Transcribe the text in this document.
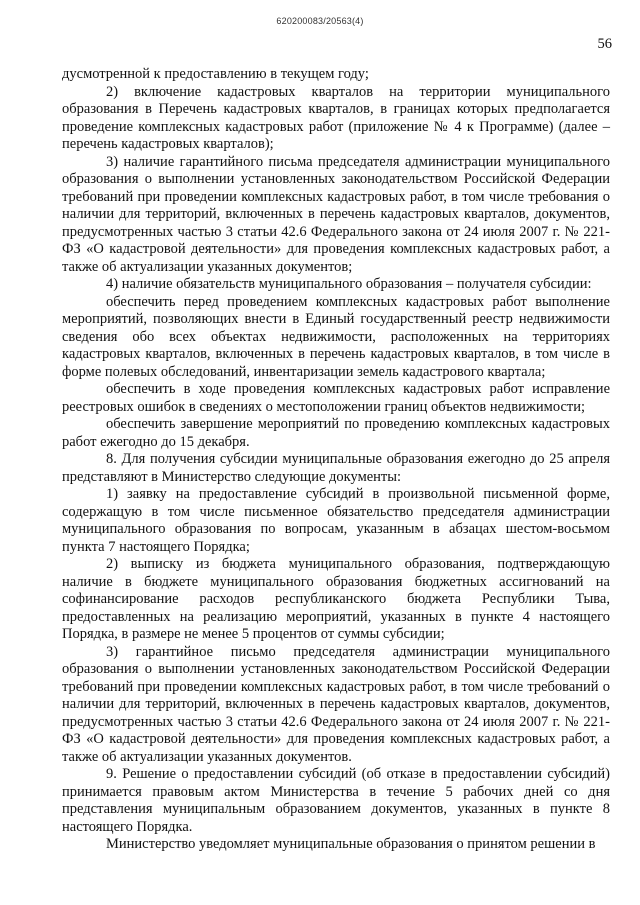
620200083/20563(4)
56

дусмотренной к предоставлению в текущем году;

2) включение кадастровых кварталов на территории муниципального образования в Перечень кадастровых кварталов, в границах которых предполагается проведение комплексных кадастровых работ (приложение № 4 к Программе) (далее – перечень кадастровых кварталов);

3) наличие гарантийного письма председателя администрации муниципального образования о выполнении установленных законодательством Российской Федерации требований при проведении комплексных кадастровых работ, в том числе требования о наличии для территорий, включенных в перечень кадастровых кварталов, документов, предусмотренных частью 3 статьи 42.6 Федерального закона от 24 июля 2007 г. № 221-ФЗ «О кадастровой деятельности» для проведения комплексных кадастровых работ, а также об актуализации указанных документов;

4) наличие обязательств муниципального образования – получателя субсидии:

обеспечить перед проведением комплексных кадастровых работ выполнение мероприятий, позволяющих внести в Единый государственный реестр недвижимости сведения обо всех объектах недвижимости, расположенных на территориях кадастровых кварталов, включенных в перечень кадастровых кварталов, в том числе в форме полевых обследований, инвентаризации земель кадастрового квартала;

обеспечить в ходе проведения комплексных кадастровых работ исправление реестровых ошибок в сведениях о местоположении границ объектов недвижимости;

обеспечить завершение мероприятий по проведению комплексных кадастровых работ ежегодно до 15 декабря.

8. Для получения субсидии муниципальные образования ежегодно до 25 апреля представляют в Министерство следующие документы:

1) заявку на предоставление субсидий в произвольной письменной форме, содержащую в том числе письменное обязательство председателя администрации муниципального образования по вопросам, указанным в абзацах шестом-восьмом пункта 7 настоящего Порядка;

2) выписку из бюджета муниципального образования, подтверждающую наличие в бюджете муниципального образования бюджетных ассигнований на софинансирование расходов республиканского бюджета Республики Тыва, предоставленных на реализацию мероприятий, указанных в пункте 4 настоящего Порядка, в размере не менее 5 процентов от суммы субсидии;

3) гарантийное письмо председателя администрации муниципального образования о выполнении установленных законодательством Российской Федерации требований при проведении комплексных кадастровых работ, в том числе требований о наличии для территорий, включенных в перечень кадастровых кварталов, документов, предусмотренных частью 3 статьи 42.6 Федерального закона от 24 июля 2007 г. № 221-ФЗ «О кадастровой деятельности» для проведения комплексных кадастровых работ, а также об актуализации указанных документов.

9. Решение о предоставлении субсидий (об отказе в предоставлении субсидий) принимается правовым актом Министерства в течение 5 рабочих дней со дня представления муниципальным образованием документов, указанных в пункте 8 настоящего Порядка.

Министерство уведомляет муниципальные образования о принятом решении в
